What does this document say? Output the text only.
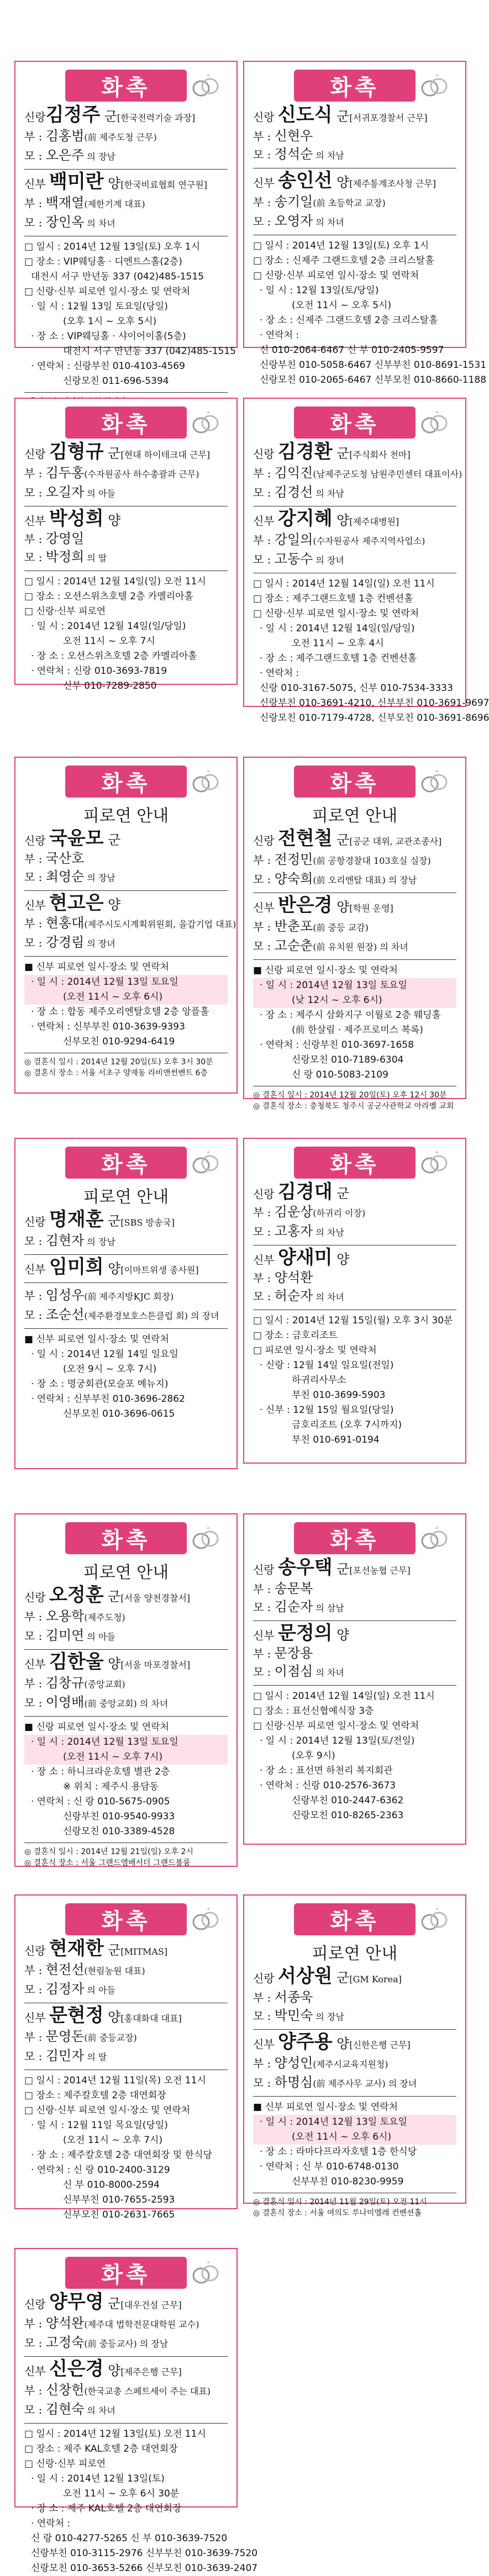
화촉
신랑김정주 군[한국전력기술 과장]
부 : 김홍범(前 제주도청 근무)
모 : 오은주 의 장남
신부 백미란 양[한국비료협회 연구원]
부 : 백재열(제한기계 대표)
모 : 장인옥 의 차녀
□ 일시 : 2014년 12월 13일(토) 오후 1시
□ 장소 : VIP웨딩홀 · 디엔트스홀(2층)
대전시 서구 만년동 337 (042)485-1515
□ 신랑·신부 피로연 일시·장소 및 연락처
· 일 시 : 12월 13일 토요일(당일)
(오후 1시 ~ 오후 5시)
· 장 소 : VIP웨딩홀 · 샤이어이홀(5층)
대전시 서구 만년동 337 (042)485-1515
· 연락처 : 신랑부친 010-4103-4569
신랑모친 011-696-5394
화촉
신랑 신도식 군[서귀포경찰서 근무]
부 : 신현우
모 : 정석순 의 차남
신부 송인선 양[제주통계조사청 근무]
부 : 송기일(前 초등학교 교장)
모 : 오영자 의 차녀
□ 일시 : 2014년 12월 13일(토) 오후 1시
□ 장소 : 신제주 그랜드호텔 2층 크리스탈홀
□ 신랑·신부 피로연 일시·장소 및 연락처
· 일 시 : 12월 13일(토/당일)
(오전 11시 ~ 오후 5시)
· 장 소 : 신제주 그랜드호텔 2층 크리스탈홀
· 연락처 :
신 010-2064-6467 신 부 010-2405-9597
신랑부친 010-5058-6467 신부부친 010-8691-1531
신랑모친 010-2065-6467 신부모친 010-8660-1188
화촉
신랑 김형규 군[현대 하이테크대 근무]
부 : 김두홍(수자원공사 하수총괄과 근무)
모 : 오길자 의 아들
신부 박성희 양
부 : 강영일
모 : 박정희 의 딸
□ 일시 : 2014년 12월 14일(일) 오전 11시
□ 장소 : 오션스위츠호텔 2층 카멜리아홀
□ 신랑·신부 피로연
· 일 시 : 2014년 12월 14일(일/당일)
오전 11시 ~ 오후 7시
· 장 소 : 오션스위츠호텔 2층 카멜리아홀
· 연락처 : 신랑 010-3693-7819
신부 010-7289-2850
화촉
신랑 김경환 군[주식회사 천마]
부 : 김익진(남제주군도청 남원주민센터 대표이사)
모 : 김경선 의 차남
신부 강지혜 양[제주대병원]
부 : 강일의(수자원공사 제주지역사업소)
모 : 고동수 의 장녀
□ 일시 : 2014년 12월 14일(일) 오전 11시
□ 장소 : 제주그랜드호텔 1층 컨벤션홀
□ 신랑·신부 피로연 일시·장소 및 연락처
· 일 시 : 2014년 12월 14일(일/당일)
오전 11시 ~ 오후 4시
· 장 소 : 제주그랜드호텔 1층 컨벤션홀
· 연락처 :
신랑 010-3167-5075, 신부 010-7534-3333
신랑부친 010-3691-4210, 신부부친 010-3691-9697
신랑모친 010-7179-4728, 신부모친 010-3691-8696
화촉
피로연 안내
신랑 국윤모 군
부 : 국산호
모 : 최영순 의 장남
신부 현고은 양
부 : 현홍대(제주시도시계획위원회, 을갑기업 대표)
모 : 강경림 의 장녀
■ 신부 피로연 일시·장소 및 연락처
· 일 시 : 2014년 12월 13일 토요일
(오전 11시 ~ 오후 6시)
· 장 소 : 합동 제주오리엔탈호텔 2층 앙플홀
· 연락처 : 신부부친 010-3639-9393
신부모친 010-9294-6419
◎ 결혼식 일시 : 2014년 12월 20일(토) 오후 3시 30분
◎ 결혼식 장소 : 서울 서초구 양재동 라비앤썬벤트 6층
화촉
피로연 안내
신랑 전현철 군[공군 대위, 교관조종사]
부 : 전정민(前 공항경찰대 103호실 실장)
모 : 양숙희(前 오리엔탈 대표) 의 장남
신부 반은경 양[학원 운영]
부 : 반춘포(前 중등 교감)
모 : 고순춘(前 유치원 원장) 의 차녀
■ 신랑 피로연 일시·장소 및 연락처
· 일 시 : 2014년 12월 13일 토요일
(낮 12시 ~ 오후 6시)
· 장 소 : 제주시 삼화지구 이월로 2층 웨딩홀
(前 한살림 · 제주프로미스 복록)
· 연락처 : 신랑부친 010-3697-1658
신랑모친 010-7189-6304
신 랑 010-5083-2109
◎ 결혼식 일시 : 2014년 12월 20일(토) 오후 12시 30분
◎ 결혼식 장소 : 충청북도 청주시 공군사관학교 아라벨 교회
화촉
피로연 안내
신랑 명재훈 군[SBS 방송국]
모 : 김현자 의 장남
신부 임미희 양[이마트위생 종사원]
부 : 임성우(前 제주지방KJC 회장)
모 : 조순선(제주환경보호스튼클럽 회) 의 장녀
■ 신부 피로연 일시·장소 및 연락처
· 일 시 : 2014년 12월 14일 일요일
(오전 9시 ~ 오후 7시)
· 장 소 : 명궁회관(모슬포 메뉴지)
· 연락처 : 신부부친 010-3696-2862
신부모친 010-3696-0615
화촉
신랑 김경대 군
부 : 김운상(하귀리 이장)
모 : 고홍자 의 차남
신부 양새미 양
부 : 양석환
모 : 허순자 의 차녀
□ 일시 : 2014년 12월 15일(월) 오후 3시 30분
□ 장소 : 금호리조트
□ 피로연 일시·장소 및 연락처
· 신랑 : 12월 14일 일요일(전일)
하귀리사무소
부친 010-3699-5903
· 신부 : 12월 15일 월요일(당일)
금호리조트 (오후 7시까지)
부친 010-691-0194
화촉
피로연 안내
신랑 오정훈 군[서울 양천경찰서]
부 : 오용학(제주도청)
모 : 김미연 의 아들
신부 김한울 양[서울 마포경찰서]
부 : 김창규(중앙교회)
모 : 이영배(前 중앙교회) 의 차녀
■ 신랑 피로연 일시·장소 및 연락처
· 일 시 : 2014년 12월 13일 토요일
(오전 11시 ~ 오후 7시)
· 장 소 : 하니크라운호텔 별관 2층
※ 위치 : 제주시 용담동
· 연락처 : 신 랑 010-5675-0905
신랑부친 010-9540-9933
신랑모친 010-3389-4528
◎ 결혼식 일시 : 2014년 12월 21일(일) 오후 2시
◎ 결혼식 장소 : 서울 그랜드앰배서더 그랜드볼룸
화촉
신랑 송우택 군[포선농협 근무]
부 : 송문복
모 : 김순자 의 삼남
신부 문정의 양
부 : 문장용
모 : 이점심 의 차녀
□ 일시 : 2014년 12월 14일(일) 오전 11시
□ 장소 : 표선신협예식장 3층
□ 신랑·신부 피로연 일시·장소 및 연락처
· 일 시 : 2014년 12월 13일(토/전일)
(오후 9시)
· 장 소 : 표선면 하천리 복지회관
· 연락처 : 신랑 010-2576-3673
신랑부친 010-2447-6362
신랑모친 010-8265-2363
화촉
신랑 현재한 군[MITMAS]
부 : 현전선(현림농원 대표)
모 : 김정자 의 아들
신부 문현정 양[홍대화대 대표]
부 : 문영돈(前 중등교장)
모 : 김민자 의 딸
□ 일시 : 2014년 12월 11일(목) 오전 11시
□ 장소 : 제주칼호텔 2층 대연회장
□ 신랑·신부 피로연 일시·장소 및 연락처
· 일 시 : 12월 11일 목요일(당일)
(오전 11시 ~ 오후 7시)
· 장 소 : 제주칼호텔 2층 대연회장 및 한식당
· 연락처 : 신 랑 010-2400-3129
신 부 010-8000-2594
신부부친 010-7655-2593
신부모친 010-2631-7665
화촉
피로연 안내
신랑 서상원 군[GM Korea]
부 : 서종욱
모 : 박민숙 의 장남
신부 양주용 양[신한은행 근무]
부 : 양성인(제주시교육지원청)
모 : 하명심(前 제주사무 교사) 의 장녀
■ 신부 피로연 일시·장소 및 연락처
· 일 시 : 2014년 12월 13일 토요일
(오전 11시 ~ 오후 6시)
· 장 소 : 라마다프라자호텔 1층 한식당
· 연락처 : 신 부 010-6748-0130
신부부친 010-8230-9959
◎ 결혼식 일시 : 2014년 11월 29일(토) 오전 11시
◎ 결혼식 장소 : 서울 여의도 루나미엘레 컨벤션홀
화촉
신랑 양무영 군[대우건설 근무]
부 : 양석완(제주대 법학전문대학원 교수)
모 : 고정숙(前 중등교사) 의 장남
신부 신은경 양[제주은행 근무]
부 : 신창헌(한국교총 스페트세이 주는 대표)
모 : 김현숙 의 차녀
□ 일시 : 2014년 12월 13일(토) 오전 11시
□ 장소 : 제주 KAL호텔 2층 대연회장
□ 신랑·신부 피로연
· 일 시 : 2014년 12월 13일(토)
오전 11시 ~ 오후 6시 30분
· 장 소 : 제주 KAL호텔 2층 대연회장
· 연락처 :
신 랑 010-4277-5265 신 부 010-3639-7520
신랑부친 010-3115-2976 신부부친 010-3639-7520
신랑모친 010-3653-5266 신부모친 010-3639-2407
